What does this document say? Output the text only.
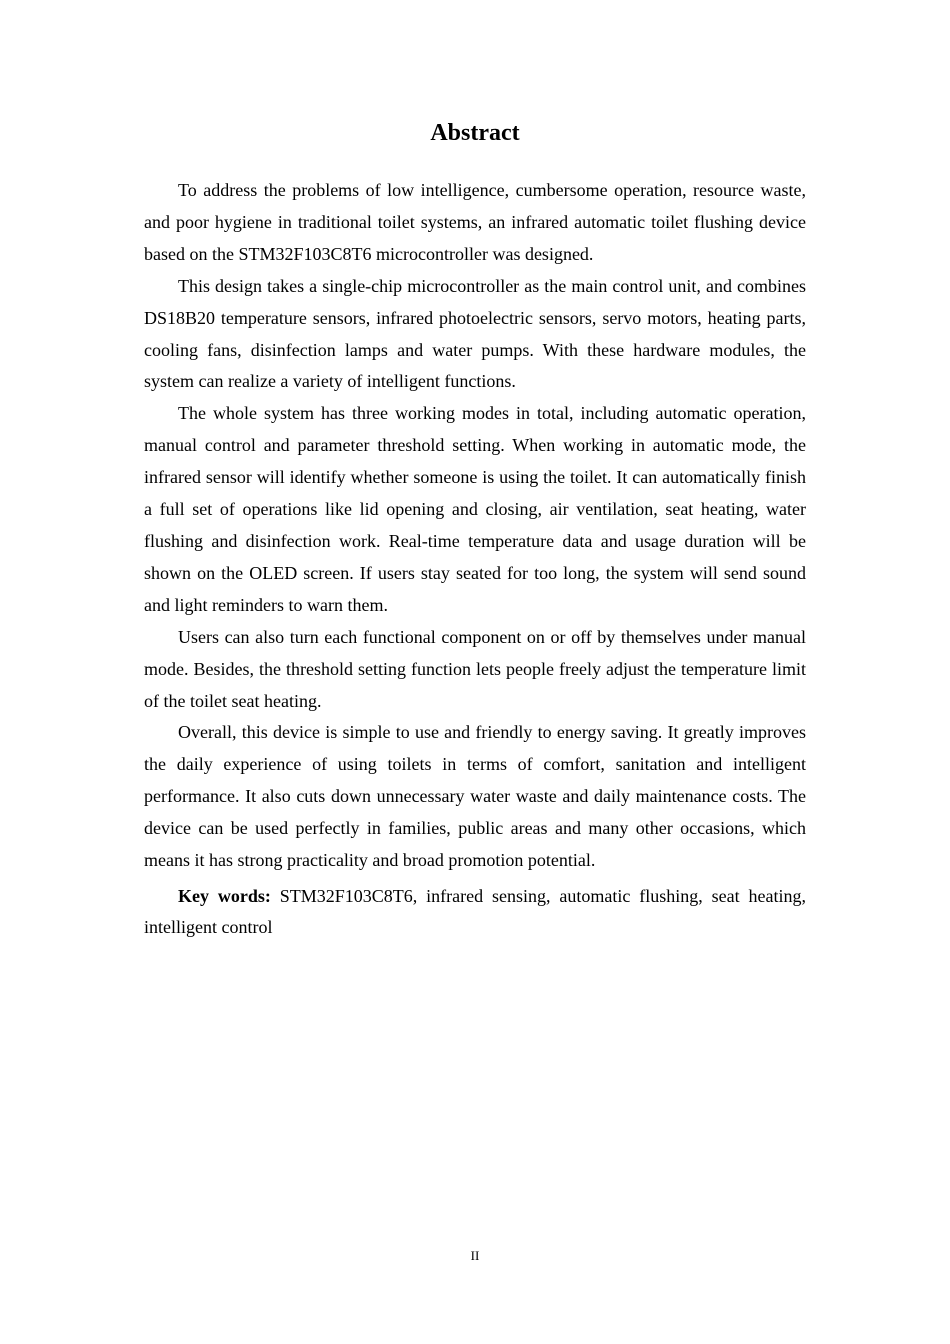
Abstract

To address the problems of low intelligence, cumbersome operation, resource waste, and poor hygiene in traditional toilet systems, an infrared automatic toilet flushing device based on the STM32F103C8T6 microcontroller was designed.

This design takes a single-chip microcontroller as the main control unit, and combines DS18B20 temperature sensors, infrared photoelectric sensors, servo motors, heating parts, cooling fans, disinfection lamps and water pumps. With these hardware modules, the system can realize a variety of intelligent functions.

The whole system has three working modes in total, including automatic operation, manual control and parameter threshold setting. When working in automatic mode, the infrared sensor will identify whether someone is using the toilet. It can automatically finish a full set of operations like lid opening and closing, air ventilation, seat heating, water flushing and disinfection work. Real-time temperature data and usage duration will be shown on the OLED screen. If users stay seated for too long, the system will send sound and light reminders to warn them.

Users can also turn each functional component on or off by themselves under manual mode. Besides, the threshold setting function lets people freely adjust the temperature limit of the toilet seat heating.

Overall, this device is simple to use and friendly to energy saving. It greatly improves the daily experience of using toilets in terms of comfort, sanitation and intelligent performance. It also cuts down unnecessary water waste and daily maintenance costs. The device can be used perfectly in families, public areas and many other occasions, which means it has strong practicality and broad promotion potential.

Key words: STM32F103C8T6, infrared sensing, automatic flushing, seat heating, intelligent control

II
